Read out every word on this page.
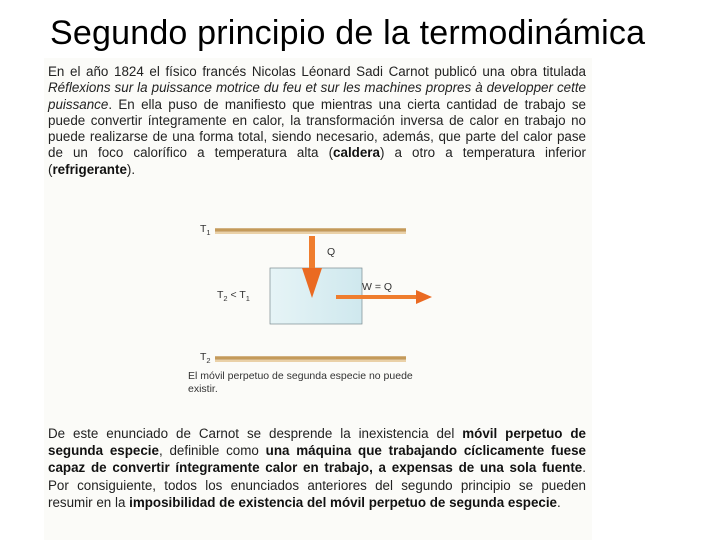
Segundo principio de la termodinámica

En el año 1824 el físico francés Nicolas Léonard Sadi Carnot publicó una obra titulada Réflexions sur la puissance motrice du feu et sur les machines propres à developper cette puissance. En ella puso de manifiesto que mientras una cierta cantidad de trabajo se puede convertir íntegramente en calor, la transformación inversa de calor en trabajo no puede realizarse de una forma total, siendo necesario, además, que parte del calor pase de un foco calorífico a temperatura alta (caldera) a otro a temperatura inferior (refrigerante).

$T_1$
Q
W = Q
$T_2 < T_1$
$T_2$

El móvil perpetuo de segunda especie no puede existir.

De este enunciado de Carnot se desprende la inexistencia del móvil perpetuo de segunda especie, definible como una máquina que trabajando cíclicamente fuese capaz de convertir íntegramente calor en trabajo, a expensas de una sola fuente. Por consiguiente, todos los enunciados anteriores del segundo principio se pueden resumir en la imposibilidad de existencia del móvil perpetuo de segunda especie.
